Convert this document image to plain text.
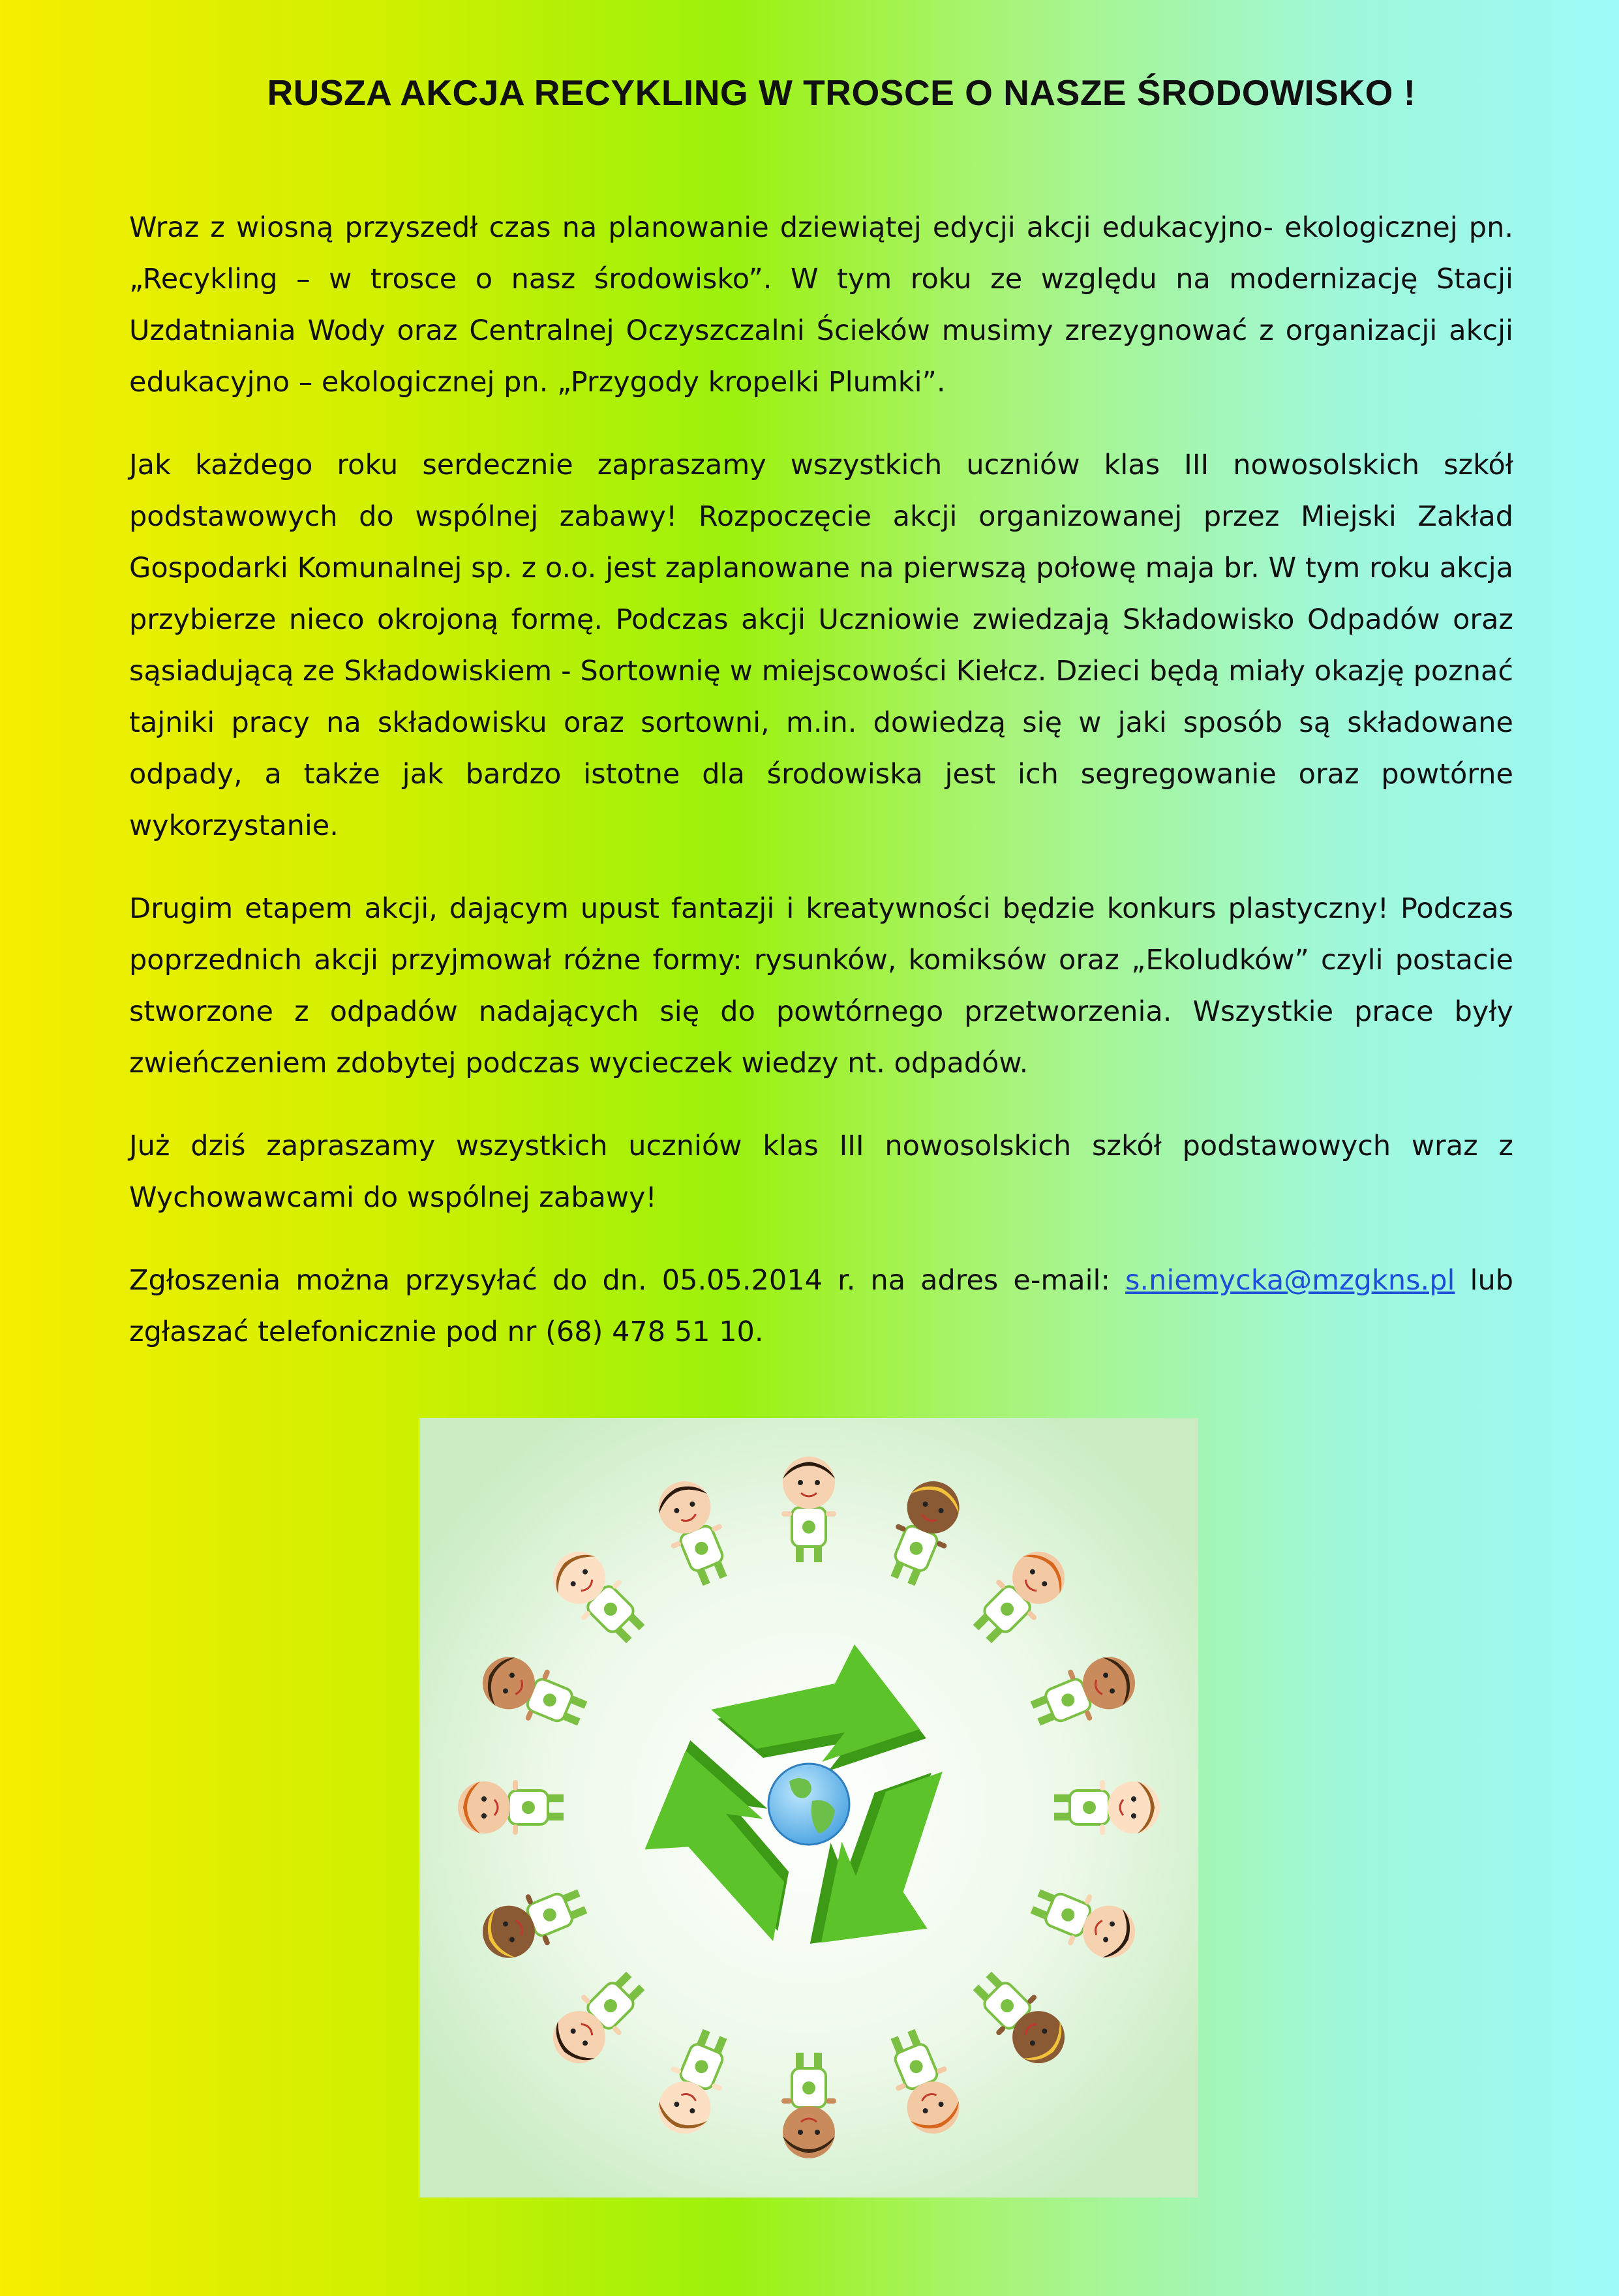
RUSZA AKCJA RECYKLING W TROSCE O NASZE ŚRODOWISKO !

Wraz z wiosną przyszedł czas na planowanie dziewiątej edycji akcji edukacyjno- ekologicznej pn. „Recykling – w trosce o nasz środowisko”. W tym roku ze względu na modernizację Stacji Uzdatniania Wody oraz Centralnej Oczyszczalni Ścieków musimy zrezygnować z organizacji akcji edukacyjno – ekologicznej pn. „Przygody kropelki Plumki”.

Jak każdego roku serdecznie zapraszamy wszystkich uczniów klas III nowosolskich szkół podstawowych do wspólnej zabawy! Rozpoczęcie akcji organizowanej przez Miejski Zakład Gospodarki Komunalnej sp. z o.o. jest zaplanowane na pierwszą połowę maja br. W tym roku akcja przybierze nieco okrojoną formę. Podczas akcji Uczniowie zwiedzają Składowisko Odpadów oraz sąsiadującą ze Składowiskiem - Sortownię w miejscowości Kiełcz. Dzieci będą miały okazję poznać tajniki pracy na składowisku oraz sortowni, m.in. dowiedzą się w jaki sposób są składowane odpady, a także jak bardzo istotne dla środowiska jest ich segregowanie oraz powtórne wykorzystanie.

Drugim etapem akcji, dającym upust fantazji i kreatywności będzie konkurs plastyczny! Podczas poprzednich akcji przyjmował różne formy: rysunków, komiksów oraz „Ekoludków” czyli postacie stworzone z odpadów nadających się do powtórnego przetworzenia. Wszystkie prace były zwieńczeniem zdobytej podczas wycieczek wiedzy nt. odpadów.

Już dziś zapraszamy wszystkich uczniów klas III nowosolskich szkół podstawowych wraz z Wychowawcami do wspólnej zabawy!

Zgłoszenia można przysyłać do dn. 05.05.2014 r. na adres e-mail: s.niemycka@mzgkns.pl lub zgłaszać telefonicznie pod nr (68) 478 51 10.
